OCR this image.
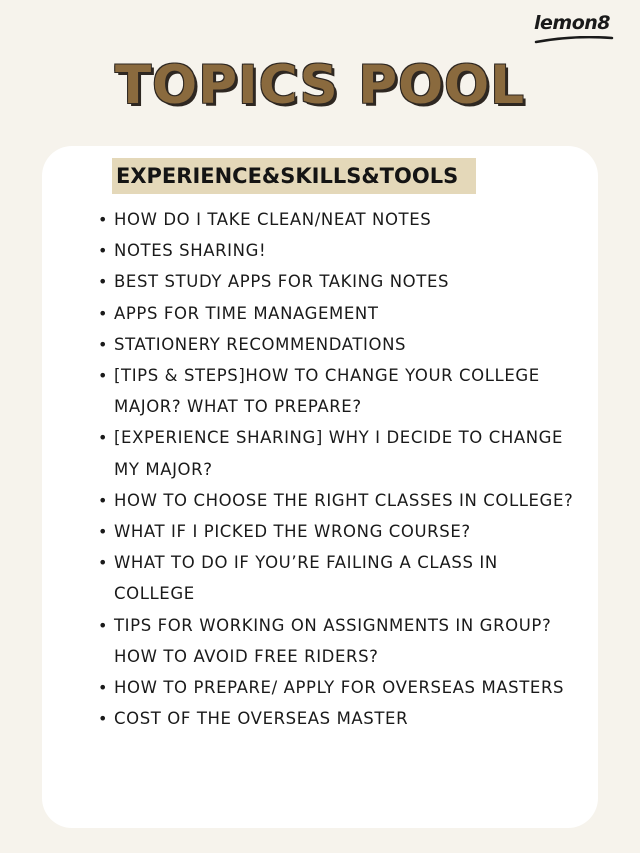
lemon8
TOPICS POOL
EXPERIENCE&SKILLS&TOOLS
• HOW DO I TAKE CLEAN/NEAT NOTES
• NOTES SHARING!
• BEST STUDY APPS FOR TAKING NOTES
• APPS FOR TIME MANAGEMENT
• STATIONERY RECOMMENDATIONS
• [TIPS & STEPS]HOW TO CHANGE YOUR COLLEGE MAJOR? WHAT TO PREPARE?
• [EXPERIENCE SHARING] WHY I DECIDE TO CHANGE MY MAJOR?
• HOW TO CHOOSE THE RIGHT CLASSES IN COLLEGE?
• WHAT IF I PICKED THE WRONG COURSE?
• WHAT TO DO IF YOU’RE FAILING A CLASS IN COLLEGE
• TIPS FOR WORKING ON ASSIGNMENTS IN GROUP? HOW TO AVOID FREE RIDERS?
• HOW TO PREPARE/ APPLY FOR OVERSEAS MASTERS
• COST OF THE OVERSEAS MASTER
